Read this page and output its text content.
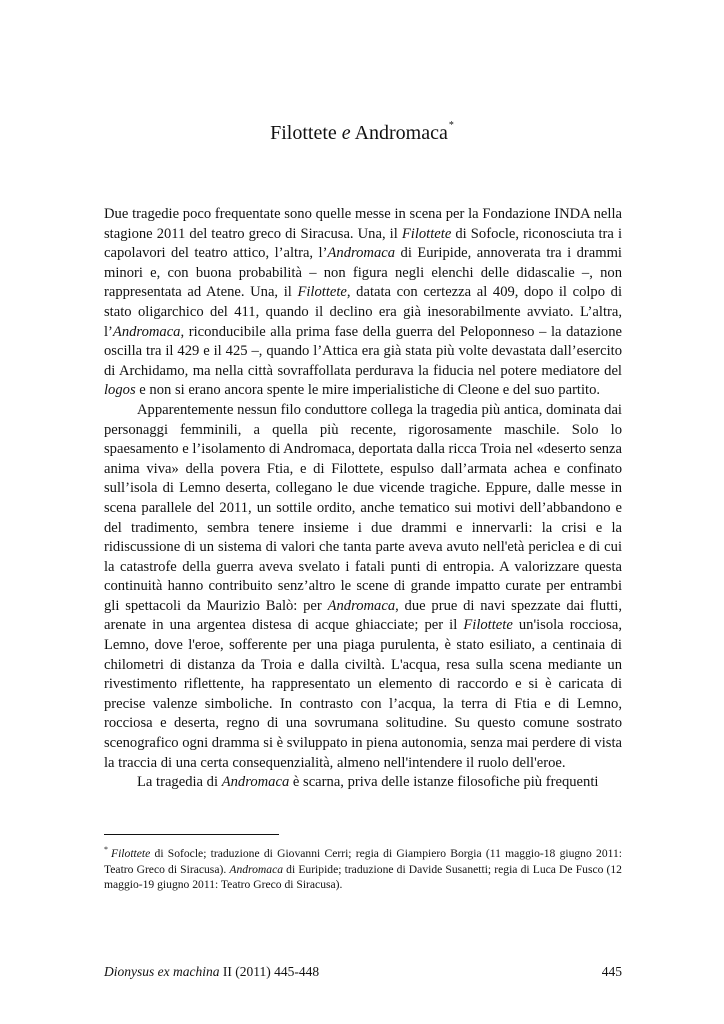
Filottete e Andromaca*

Due tragedie poco frequentate sono quelle messe in scena per la Fondazione INDA nella stagione 2011 del teatro greco di Siracusa. Una, il Filottete di Sofocle, riconosciuta tra i capolavori del teatro attico, l’altra, l’Andromaca di Euripide, annoverata tra i drammi minori e, con buona probabilità – non figura negli elenchi delle didascalie –, non rappresentata ad Atene. Una, il Filottete, datata con certezza al 409, dopo il colpo di stato oligarchico del 411, quando il declino era già inesorabilmente avviato. L’altra, l’Andromaca, riconducibile alla prima fase della guerra del Peloponneso – la datazione oscilla tra il 429 e il 425 –, quando l’Attica era già stata più volte devastata dall’esercito di Archidamo, ma nella città sovraffollata perdurava la fiducia nel potere mediatore del logos e non si erano ancora spente le mire imperialistiche di Cleone e del suo partito.

Apparentemente nessun filo conduttore collega la tragedia più antica, dominata dai personaggi femminili, a quella più recente, rigorosamente maschile. Solo lo spaesamento e l’isolamento di Andromaca, deportata dalla ricca Troia nel «deserto senza anima viva» della povera Ftia, e di Filottete, espulso dall’armata achea e confinato sull’isola di Lemno deserta, collegano le due vicende tragiche. Eppure, dalle messe in scena parallele del 2011, un sottile ordito, anche tematico sui motivi dell’abbandono e del tradimento, sembra tenere insieme i due drammi e innervarli: la crisi e la ridiscussione di un sistema di valori che tanta parte aveva avuto nell'età periclea e di cui la catastrofe della guerra aveva svelato i fatali punti di entropia. A valorizzare questa continuità hanno contribuito senz’altro le scene di grande impatto curate per entrambi gli spettacoli da Maurizio Balò: per Andromaca, due prue di navi spezzate dai flutti, arenate in una argentea distesa di acque ghiacciate; per il Filottete un'isola rocciosa, Lemno, dove l'eroe, sofferente per una piaga purulenta, è stato esiliato, a centinaia di chilometri di distanza da Troia e dalla civiltà. L'acqua, resa sulla scena mediante un rivestimento riflettente, ha rappresentato un elemento di raccordo e si è caricata di precise valenze simboliche. In contrasto con l’acqua, la terra di Ftia e di Lemno, rocciosa e deserta, regno di una sovrumana solitudine. Su questo comune sostrato scenografico ogni dramma si è sviluppato in piena autonomia, senza mai perdere di vista la traccia di una certa consequenzialità, almeno nell'intendere il ruolo dell'eroe.

La tragedia di Andromaca è scarna, priva delle istanze filosofiche più frequenti

* Filottete di Sofocle; traduzione di Giovanni Cerri; regia di Giampiero Borgia (11 maggio-18 giugno 2011: Teatro Greco di Siracusa). Andromaca di Euripide; traduzione di Davide Susanetti; regia di Luca De Fusco (12 maggio-19 giugno 2011: Teatro Greco di Siracusa).
Dionysus ex machina II (2011) 445-448	445
